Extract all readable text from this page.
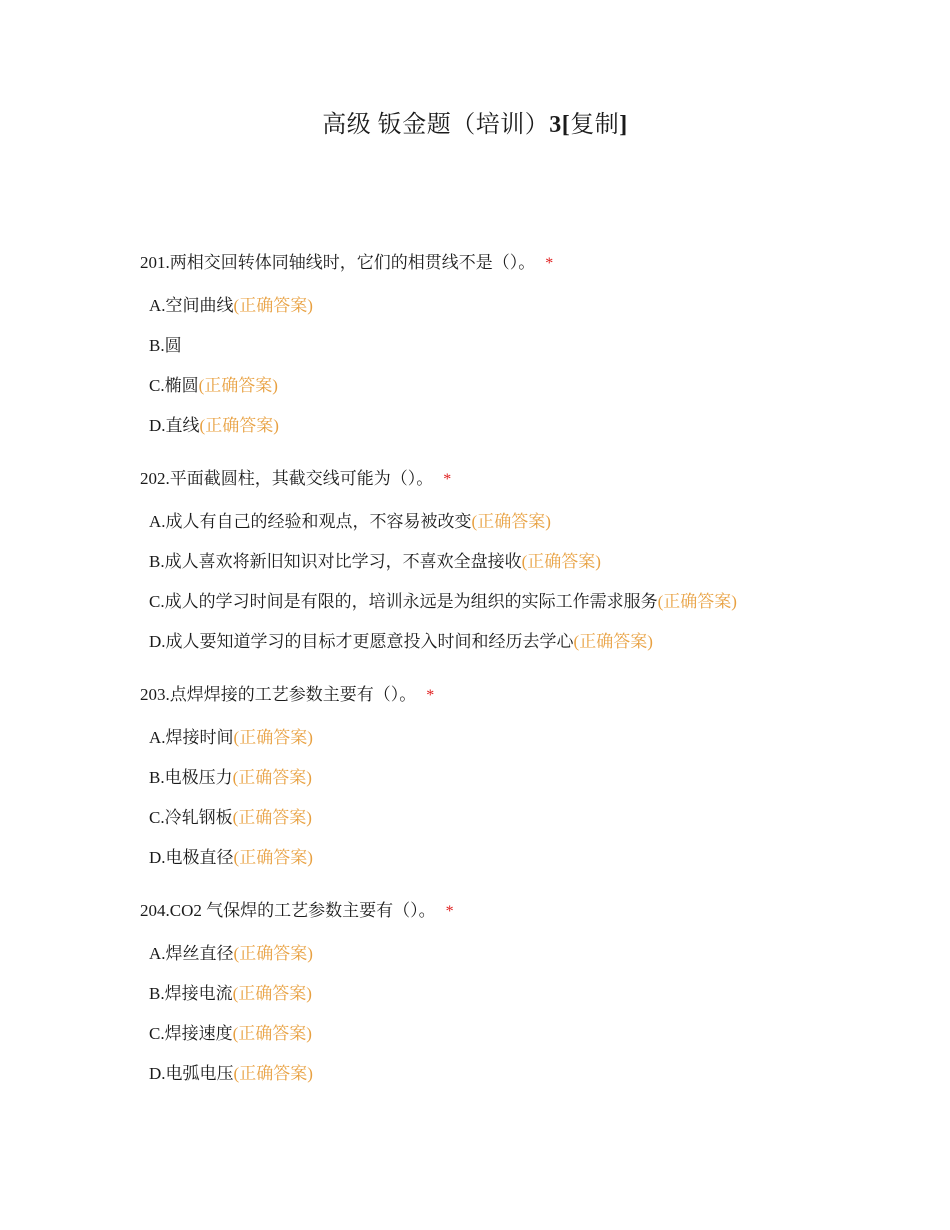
高级 钣金题（培训）3[复制]
201.两相交回转体同轴线时，它们的相贯线不是（）。 *
A.空间曲线(正确答案)
B.圆
C.椭圆(正确答案)
D.直线(正确答案)
202.平面截圆柱，其截交线可能为（）。 *
A.成人有自己的经验和观点，不容易被改变(正确答案)
B.成人喜欢将新旧知识对比学习，不喜欢全盘接收(正确答案)
C.成人的学习时间是有限的，培训永远是为组织的实际工作需求服务(正确答案)
D.成人要知道学习的目标才更愿意投入时间和经历去学心(正确答案)
203.点焊焊接的工艺参数主要有（）。 *
A.焊接时间(正确答案)
B.电极压力(正确答案)
C.冷轧钢板(正确答案)
D.电极直径(正确答案)
204.CO2 气保焊的工艺参数主要有（）。 *
A.焊丝直径(正确答案)
B.焊接电流(正确答案)
C.焊接速度(正确答案)
D.电弧电压(正确答案)
